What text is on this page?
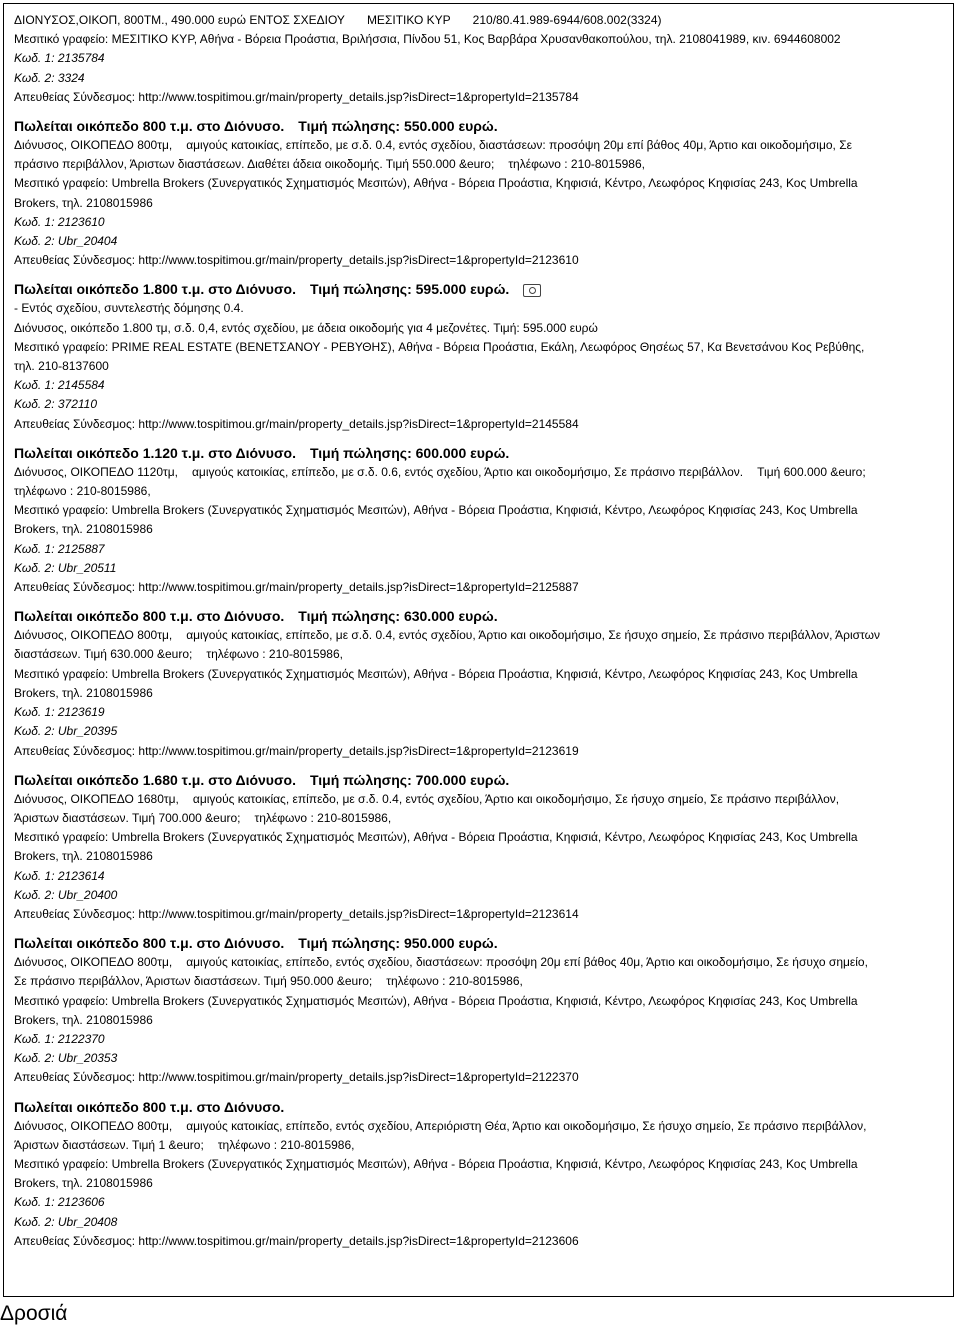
ΔΙΟΝΥΣΟΣ,ΟΙΚΟΠ, 800ΤΜ., 490.000 ευρώ ΕΝΤΟΣ ΣΧΕΔΙΟΥ ΜΕΣΙΤΙΚΟ ΚΥΡ 210/80.41.989-6944/608.002(3324)
Μεσιτικό γραφείο: ΜΕΣΙΤΙΚΟ ΚΥΡ, Αθήνα - Βόρεια Προάστια, Βριλήσσια, Πίνδου 51, Κος Βαρβάρα Χρυσανθακοπούλου, τηλ. 2108041989, κιν. 6944608002
Κωδ. 1: 2135784
Κωδ. 2: 3324
Απευθείας Σύνδεσμος: http://www.tospitimou.gr/main/property_details.jsp?isDirect=1&propertyId=2135784
Πωλείται οικόπεδο 800 τ.μ. στο Διόνυσο. Τιμή πώλησης: 550.000 ευρώ.
Διόνυσος, ΟΙΚΟΠΕΔΟ 800τμ, αμιγούς κατοικίας, επίπεδο, με σ.δ. 0.4, εντός σχεδίου, διαστάσεων: προσόψη 20μ επί βάθος 40μ, Άρτιο και οικοδομήσιμο, Σε
πράσινο περιβάλλον, Άριστων διαστάσεων. Διαθέτει άδεια οικοδομής. Τιμή 550.000 &euro; τηλέφωνο : 210-8015986,
Μεσιτικό γραφείο: Umbrella Brokers (Συνεργατικός Σχηματισμός Μεσιτών), Αθήνα - Βόρεια Προάστια, Κηφισιά, Κέντρο, Λεωφόρος Κηφισίας 243, Κος Umbrella
Brokers, τηλ. 2108015986
Κωδ. 1: 2123610
Κωδ. 2: Ubr_20404
Απευθείας Σύνδεσμος: http://www.tospitimou.gr/main/property_details.jsp?isDirect=1&propertyId=2123610
Πωλείται οικόπεδο 1.800 τ.μ. στο Διόνυσο. Τιμή πώλησης: 595.000 ευρώ.
- Εντός σχεδίου, συντελεστής δόμησης 0.4.
Διόνυσος, οικόπεδο 1.800 τμ, σ.δ. 0,4, εντός σχεδίου, με άδεια οικοδομής για 4 μεζονέτες. Τιμή: 595.000 ευρώ
Μεσιτικό γραφείο: PRIME REAL ESTATE (ΒΕΝΕΤΣΑΝΟΥ - ΡΕΒΥΘΗΣ), Αθήνα - Βόρεια Προάστια, Εκάλη, Λεωφόρος Θησέως 57, Κα Βενετσάνου Κος Ρεβύθης,
τηλ. 210-8137600
Κωδ. 1: 2145584
Κωδ. 2: 372110
Απευθείας Σύνδεσμος: http://www.tospitimou.gr/main/property_details.jsp?isDirect=1&propertyId=2145584
Πωλείται οικόπεδο 1.120 τ.μ. στο Διόνυσο. Τιμή πώλησης: 600.000 ευρώ.
Διόνυσος, ΟΙΚΟΠΕΔΟ 1120τμ, αμιγούς κατοικίας, επίπεδο, με σ.δ. 0.6, εντός σχεδίου, Άρτιο και οικοδομήσιμο, Σε πράσινο περιβάλλον. Τιμή 600.000 &euro;
τηλέφωνο : 210-8015986,
Μεσιτικό γραφείο: Umbrella Brokers (Συνεργατικός Σχηματισμός Μεσιτών), Αθήνα - Βόρεια Προάστια, Κηφισιά, Κέντρο, Λεωφόρος Κηφισίας 243, Κος Umbrella
Brokers, τηλ. 2108015986
Κωδ. 1: 2125887
Κωδ. 2: Ubr_20511
Απευθείας Σύνδεσμος: http://www.tospitimou.gr/main/property_details.jsp?isDirect=1&propertyId=2125887
Πωλείται οικόπεδο 800 τ.μ. στο Διόνυσο. Τιμή πώλησης: 630.000 ευρώ.
Διόνυσος, ΟΙΚΟΠΕΔΟ 800τμ, αμιγούς κατοικίας, επίπεδο, με σ.δ. 0.4, εντός σχεδίου, Άρτιο και οικοδομήσιμο, Σε ήσυχο σημείο, Σε πράσινο περιβάλλον, Άριστων
διαστάσεων. Τιμή 630.000 &euro; τηλέφωνο : 210-8015986,
Μεσιτικό γραφείο: Umbrella Brokers (Συνεργατικός Σχηματισμός Μεσιτών), Αθήνα - Βόρεια Προάστια, Κηφισιά, Κέντρο, Λεωφόρος Κηφισίας 243, Κος Umbrella
Brokers, τηλ. 2108015986
Κωδ. 1: 2123619
Κωδ. 2: Ubr_20395
Απευθείας Σύνδεσμος: http://www.tospitimou.gr/main/property_details.jsp?isDirect=1&propertyId=2123619
Πωλείται οικόπεδο 1.680 τ.μ. στο Διόνυσο. Τιμή πώλησης: 700.000 ευρώ.
Διόνυσος, ΟΙΚΟΠΕΔΟ 1680τμ, αμιγούς κατοικίας, επίπεδο, με σ.δ. 0.4, εντός σχεδίου, Άρτιο και οικοδομήσιμο, Σε ήσυχο σημείο, Σε πράσινο περιβάλλον,
Άριστων διαστάσεων. Τιμή 700.000 &euro; τηλέφωνο : 210-8015986,
Μεσιτικό γραφείο: Umbrella Brokers (Συνεργατικός Σχηματισμός Μεσιτών), Αθήνα - Βόρεια Προάστια, Κηφισιά, Κέντρο, Λεωφόρος Κηφισίας 243, Κος Umbrella
Brokers, τηλ. 2108015986
Κωδ. 1: 2123614
Κωδ. 2: Ubr_20400
Απευθείας Σύνδεσμος: http://www.tospitimou.gr/main/property_details.jsp?isDirect=1&propertyId=2123614
Πωλείται οικόπεδο 800 τ.μ. στο Διόνυσο. Τιμή πώλησης: 950.000 ευρώ.
Διόνυσος, ΟΙΚΟΠΕΔΟ 800τμ, αμιγούς κατοικίας, επίπεδο, εντός σχεδίου, διαστάσεων: προσόψη 20μ επί βάθος 40μ, Άρτιο και οικοδομήσιμο, Σε ήσυχο σημείο,
Σε πράσινο περιβάλλον, Άριστων διαστάσεων. Τιμή 950.000 &euro; τηλέφωνο : 210-8015986,
Μεσιτικό γραφείο: Umbrella Brokers (Συνεργατικός Σχηματισμός Μεσιτών), Αθήνα - Βόρεια Προάστια, Κηφισιά, Κέντρο, Λεωφόρος Κηφισίας 243, Κος Umbrella
Brokers, τηλ. 2108015986
Κωδ. 1: 2122370
Κωδ. 2: Ubr_20353
Απευθείας Σύνδεσμος: http://www.tospitimou.gr/main/property_details.jsp?isDirect=1&propertyId=2122370
Πωλείται οικόπεδο 800 τ.μ. στο Διόνυσο.
Διόνυσος, ΟΙΚΟΠΕΔΟ 800τμ, αμιγούς κατοικίας, επίπεδο, εντός σχεδίου, Απεριόριστη Θέα, Άρτιο και οικοδομήσιμο, Σε ήσυχο σημείο, Σε πράσινο περιβάλλον,
Άριστων διαστάσεων. Τιμή 1 &euro; τηλέφωνο : 210-8015986,
Μεσιτικό γραφείο: Umbrella Brokers (Συνεργατικός Σχηματισμός Μεσιτών), Αθήνα - Βόρεια Προάστια, Κηφισιά, Κέντρο, Λεωφόρος Κηφισίας 243, Κος Umbrella
Brokers, τηλ. 2108015986
Κωδ. 1: 2123606
Κωδ. 2: Ubr_20408
Απευθείας Σύνδεσμος: http://www.tospitimou.gr/main/property_details.jsp?isDirect=1&propertyId=2123606
Δροσιά
